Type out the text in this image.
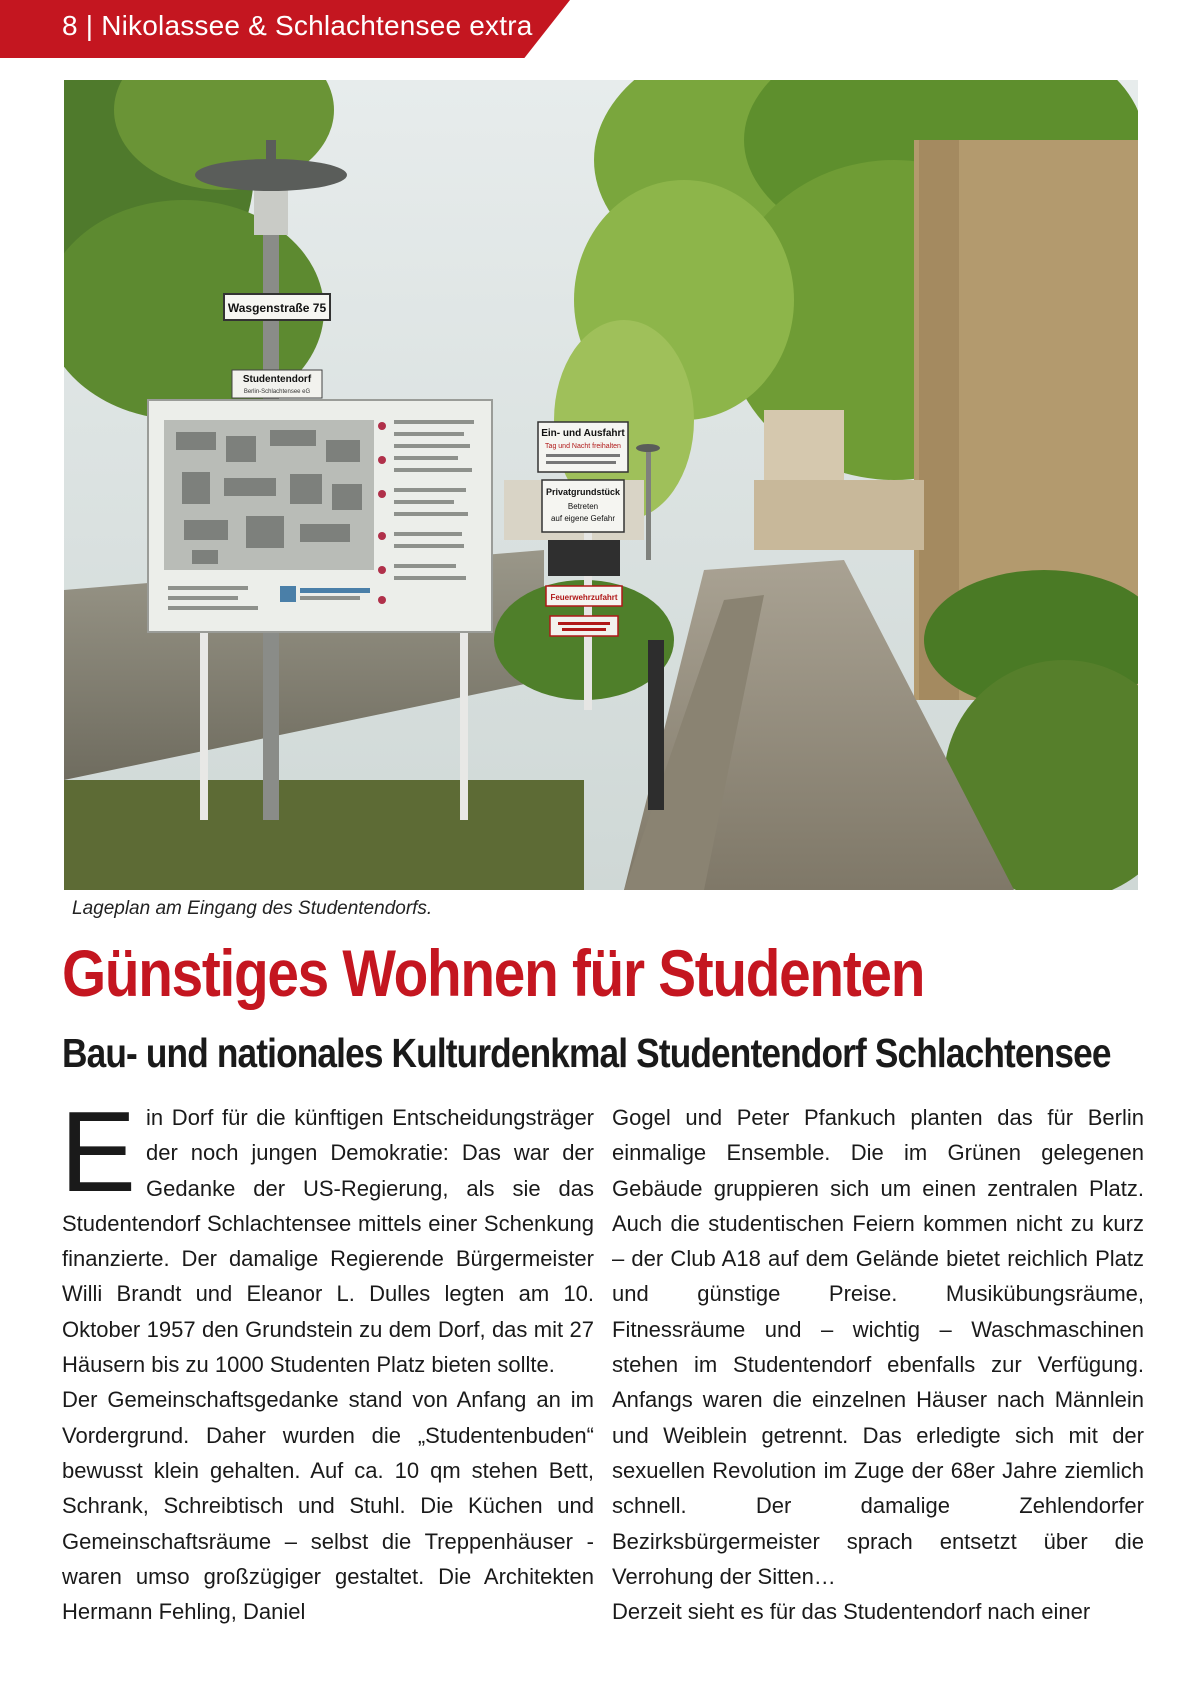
8 | Nikolassee & Schlachtensee extra
Wasgenstraße 75
Studentendorf
Berlin-Schlachtensee eG
Ein- und Ausfahrt
Tag und Nacht freihalten
Privatgrundstück
Betreten
auf eigene Gefahr
Feuerwehrzufahrt
Lageplan am Eingang des Studentendorfs.
Günstiges Wohnen für Studenten
Bau- und nationales Kulturdenkmal Studentendorf Schlachtensee
E in Dorf für die künftigen Entscheidungsträger der noch jungen Demokratie: Das war der Gedanke der US-Regierung, als sie das Studentendorf Schlachtensee mittels einer Schenkung finanzierte. Der damalige Regierende Bürgermeister Willi Brandt und Eleanor L. Dulles legten am 10. Oktober 1957 den Grundstein zu dem Dorf, das mit 27 Häusern bis zu 1000 Studenten Platz bieten sollte.

Der Gemeinschaftsgedanke stand von Anfang an im Vordergrund. Daher wurden die „Studentenbuden“ bewusst klein gehalten. Auf ca. 10 qm stehen Bett, Schrank, Schreibtisch und Stuhl. Die Küchen und Gemeinschaftsräume – selbst die Treppenhäuser - waren umso großzügiger gestaltet. Die Architekten Hermann Fehling, Daniel

Gogel und Peter Pfankuch planten das für Berlin einmalige Ensemble. Die im Grünen gelegenen Gebäude gruppieren sich um einen zentralen Platz. Auch die studentischen Feiern kommen nicht zu kurz – der Club A18 auf dem Gelände bietet reichlich Platz und günstige Preise. Musikübungsräume, Fitnessräume und – wichtig – Waschmaschinen stehen im Studentendorf ebenfalls zur Verfügung. Anfangs waren die einzelnen Häuser nach Männlein und Weiblein getrennt. Das erledigte sich mit der sexuellen Revolution im Zuge der 68er Jahre ziemlich schnell. Der damalige Zehlendorfer Bezirksbürgermeister sprach entsetzt über die Verrohung der Sitten…

Derzeit sieht es für das Studentendorf nach einer
